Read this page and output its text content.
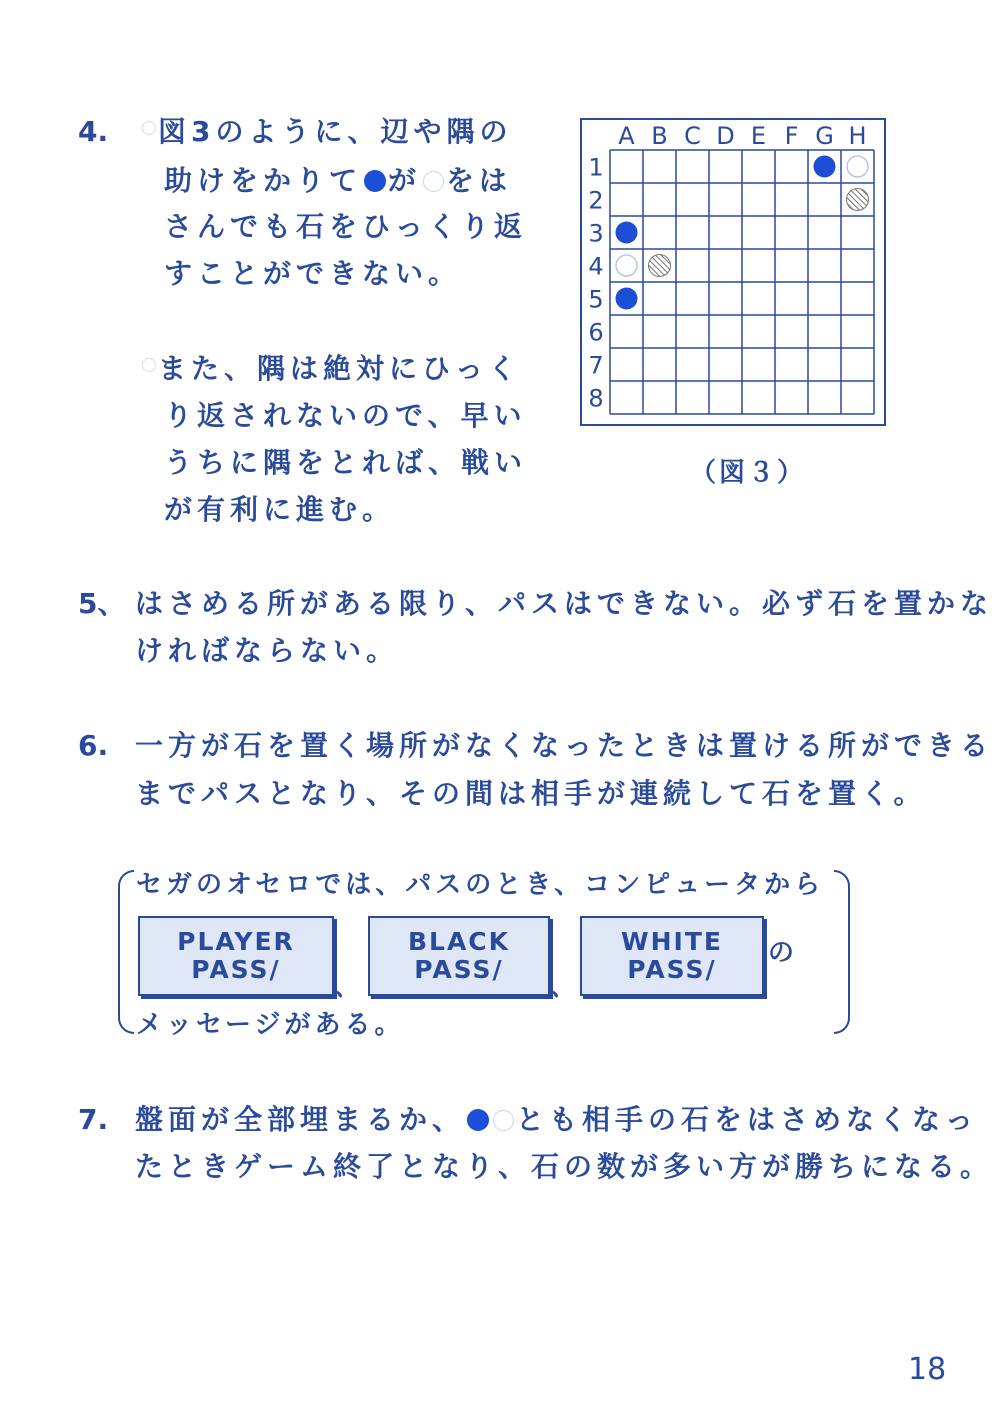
4.	図3のように、辺や隅の
助けをかりて が をは
さんでも石をひっくり返
すことができない。
また、隅は絶対にひっく
り返されないので、早い
うちに隅をとれば、戦い
が有利に進む。
A B C D E F G H
1
2
3
4
5
6
7
8
（図３）
5、 はさめる所がある限り、パスはできない。必ず石を置かな
ければならない。
6. 一方が石を置く場所がなくなったときは置ける所ができる
までパスとなり、その間は相手が連続して石を置く。
セガのオセロでは、パスのとき、コンピュータから
PLAYER
PASS/
、
BLACK
PASS/
、
WHITE
PASS/
の
メッセージがある。
7. 盤面が全部埋まるか、 とも相手の石をはさめなくなっ
たときゲーム終了となり、石の数が多い方が勝ちになる。
18
